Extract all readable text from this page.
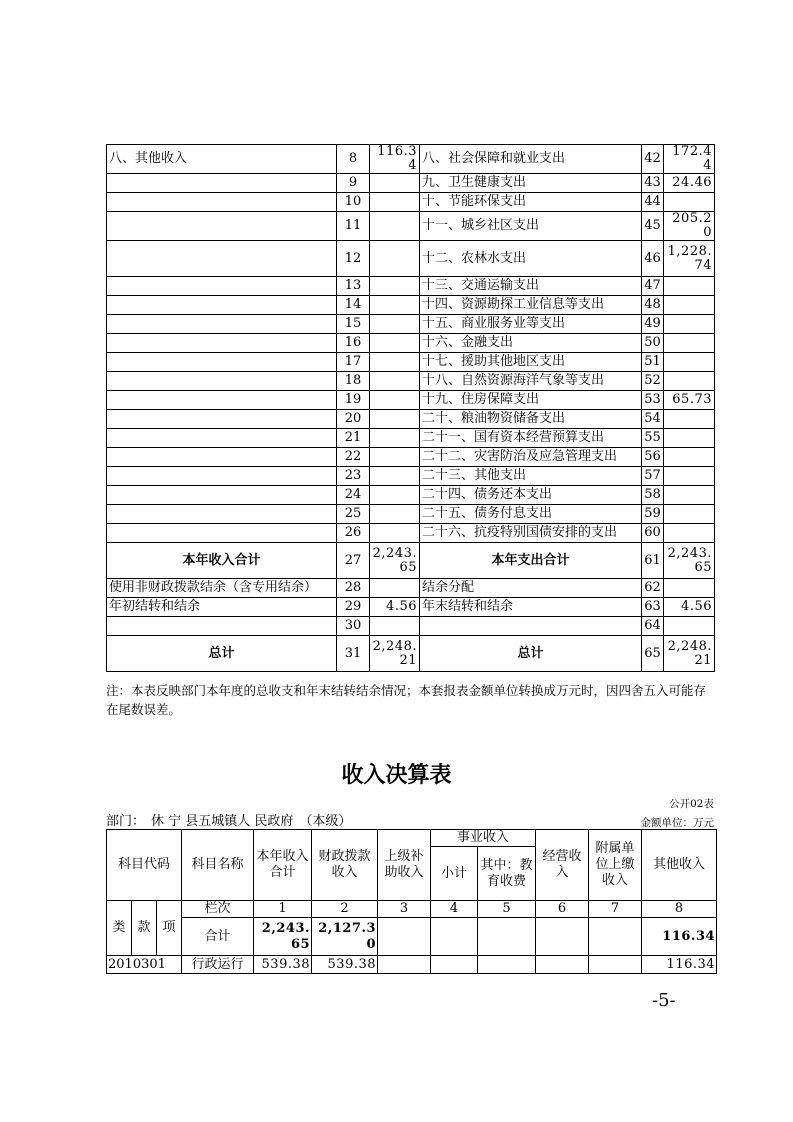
八、其他收入	8	116.34	八、社会保障和就业支出	42	172.44
	9		九、卫生健康支出	43	24.46
	10		十、节能环保支出	44	
	11		十一、城乡社区支出	45	205.20
	12		十二、农林水支出	46	1,228.74
	13		十三、交通运输支出	47	
	14		十四、资源勘探工业信息等支出	48	
	15		十五、商业服务业等支出	49	
	16		十六、金融支出	50	
	17		十七、援助其他地区支出	51	
	18		十八、自然资源海洋气象等支出	52	
	19		十九、住房保障支出	53	65.73
	20		二十、粮油物资储备支出	54	
	21		二十一、国有资本经营预算支出	55	
	22		二十二、灾害防治及应急管理支出	56	
	23		二十三、其他支出	57	
	24		二十四、债务还本支出	58	
	25		二十五、债务付息支出	59	
	26		二十六、抗疫特别国债安排的支出	60	
本年收入合计	27	2,243.65	本年支出合计	61	2,243.65
使用非财政拨款结余（含专用结余）	28		结余分配	62	
年初结转和结余	29	4.56	年末结转和结余	63	4.56
	30			64	
总计	31	2,248.21	总计	65	2,248.21
注：本表反映部门本年度的总收支和年末结转结余情况；本套报表金额单位转换成万元时，因四舍五入可能存在尾数误差。
收入决算表
公开02表
部门： 休 宁 县五城镇人 民政府 （本级）	金额单位：万元
科目代码			科目名称	本年收入合计	财政拨款收入	上级补助收入	事业收入		经营收入	附属单位上缴收入	其他收入
							小计	其中：教育收费			

类	款	项	栏次	1	2	3	4	5	6	7	8
			合计	2,243.65	2,127.30						116.34
2010301			行政运行	539.38	539.38						116.34
-5-
